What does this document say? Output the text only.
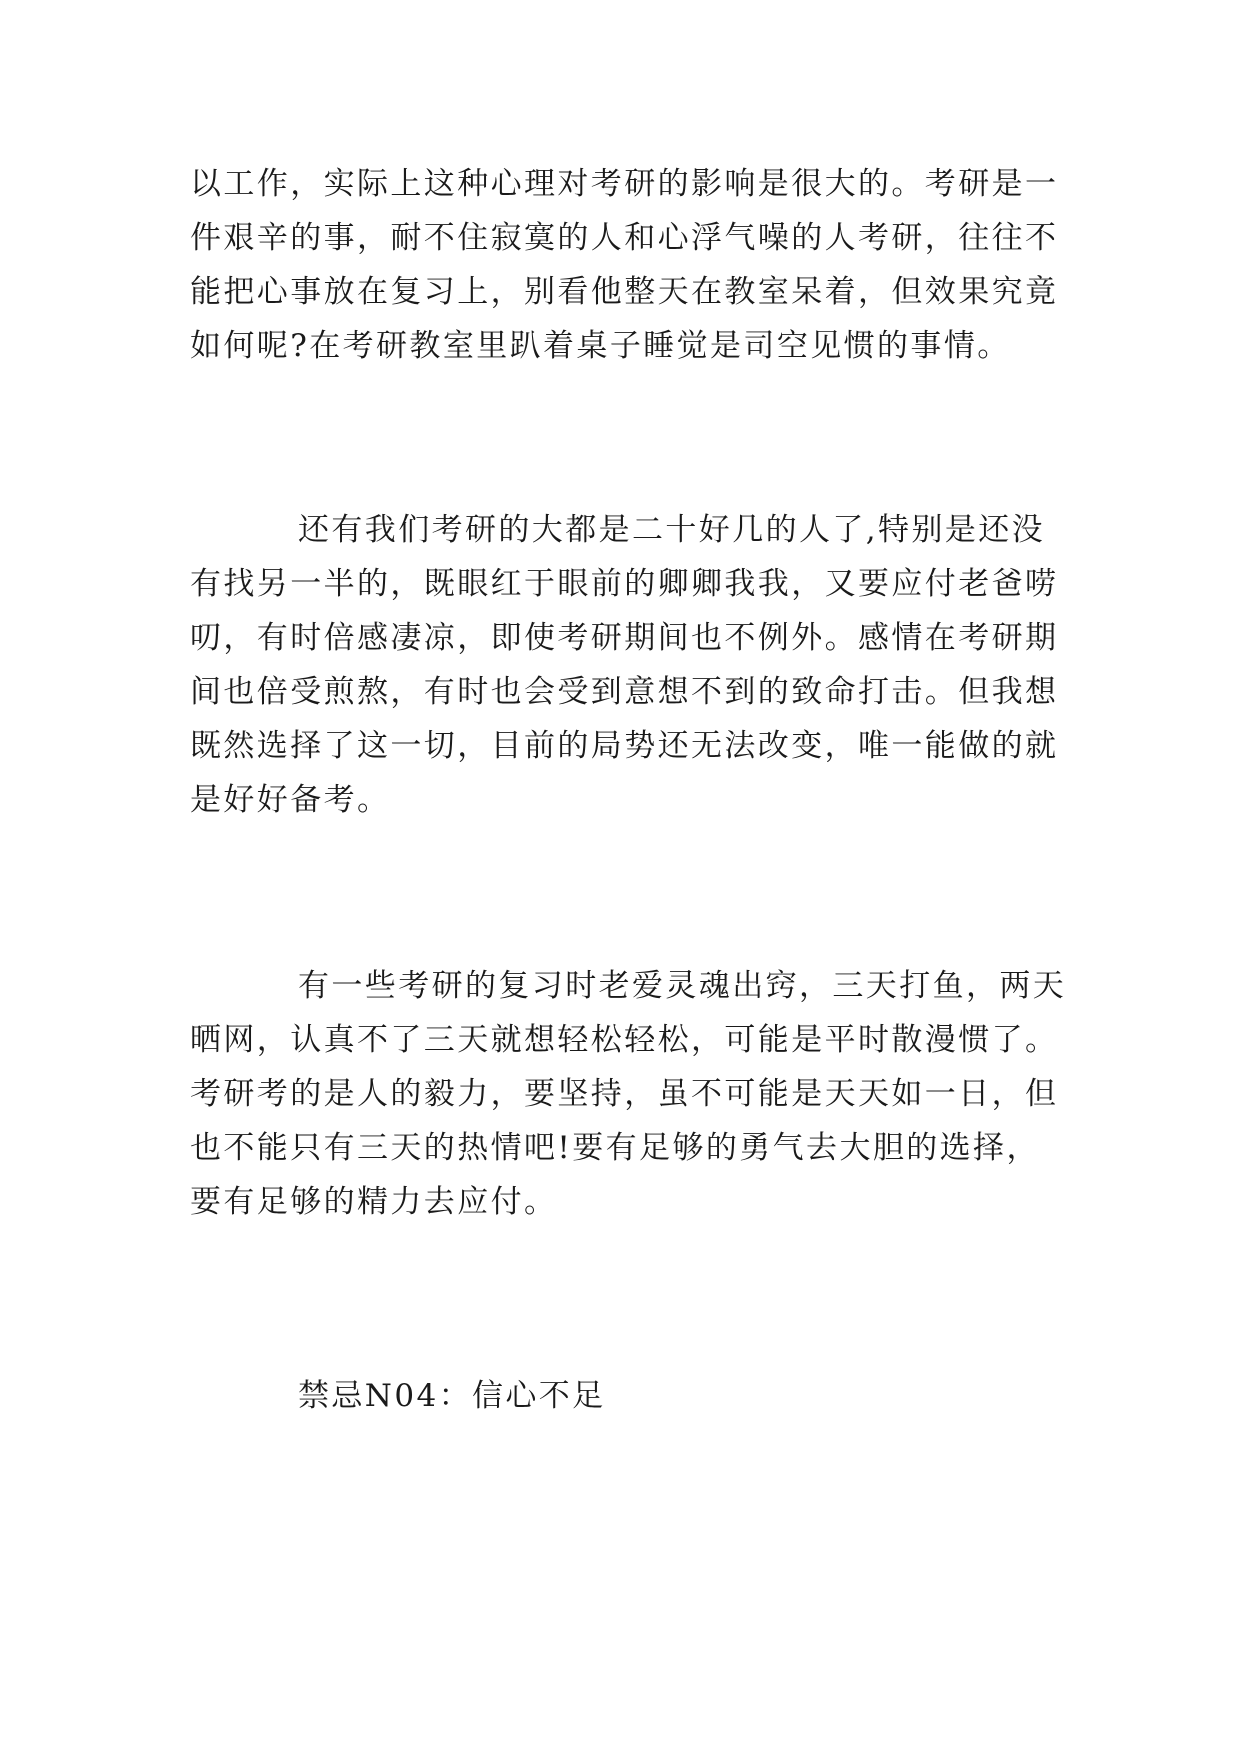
以工作，实际上这种心理对考研的影响是很大的。考研是一
件艰辛的事，耐不住寂寞的人和心浮气噪的人考研，往往不
能把心事放在复习上，别看他整天在教室呆着，但效果究竟
如何呢?在考研教室里趴着桌子睡觉是司空见惯的事情。
还有我们考研的大都是二十好几的人了,特别是还没
有找另一半的，既眼红于眼前的卿卿我我，又要应付老爸唠
叨，有时倍感凄凉，即使考研期间也不例外。感情在考研期
间也倍受煎熬，有时也会受到意想不到的致命打击。但我想
既然选择了这一切，目前的局势还无法改变，唯一能做的就
是好好备考。
有一些考研的复习时老爱灵魂出窍，三天打鱼，两天
晒网，认真不了三天就想轻松轻松，可能是平时散漫惯了。
考研考的是人的毅力，要坚持，虽不可能是天天如一日，但
也不能只有三天的热情吧!要有足够的勇气去大胆的选择，
要有足够的精力去应付。
禁忌N04：信心不足
